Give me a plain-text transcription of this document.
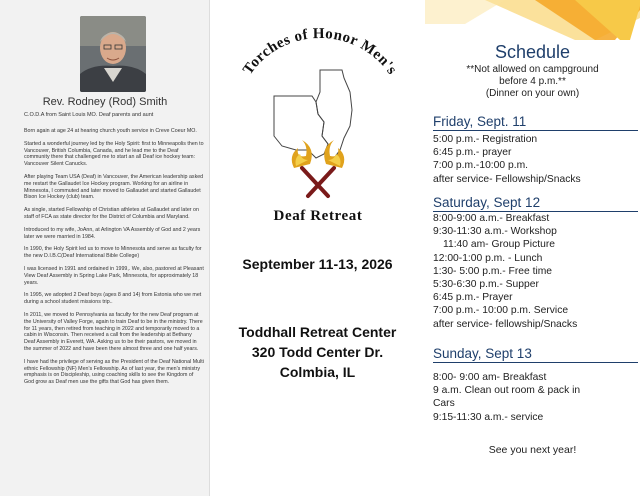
Rev. Rodney (Rod) Smith
C.O.D.A from Saint Louis MO. Deaf parents and aunt

Born again at age 24 at hearing church youth service in Creve Coeur MO.

Started a wonderful journey led by the Holy Spirit: first to Minneapolis then to Vancouver, British Columbia, Canada, and he lead me to the Deaf community there that challenged me to start an all Deaf ice hockey team: Vancouver Silent Canucks.

After playing Team USA (Deaf) in Vancouver, the American leadership asked me restart the Gallaudet Ice Hockey program. Working for an airline in Minnesota, I commuted and later moved to Gallaudet and started Gallaudet Bison Ice Hockey (club) team.

As single, started Fellowship of Christian athletes at Gallaudet and later on staff of FCA as state director for the District of Columbia and Maryland.

Introduced to my wife, JoAnn, at Arlington VA Assembly of God and 2 years later we were married in 1984.

In 1990, the Holy Spirit led us to move to Minnesota and serve as faculty for the new D.I.B.C(Deaf International Bible College)

I was licensed in 1991 and ordained in 1999,. We, also, pastored at Pleasant View Deaf Assembly in Spring Lake Park, Minnesota, for approximately 18 years.

In 1995, we adopted 2 Deaf boys (ages 8 and 14) from Estonia who we met during a school student missions trip..

In 2011, we moved to Pennsylvania as faculty for the new Deaf program at the University of Valley Forge, again to train Deaf to be in the ministry. There for 11 years, then retired from teaching in 2022 and temporarily moved to a cabin in Wisconsin. Then received a call from the leadership at Bethany Deaf Assembly in Everett, WA. Asking us to be their pastors, we moved in the summer of 2022 and have been there almost three and one half years.

I have had the privilege of serving as the President of the Deaf National Multi ethnic Fellowship (NF) Men's Fellowship. As of last year, the men's ministry emphasis is on Discipleship, using coaching skills to see the Kingdom of God grow as Deaf men use the gifts that God has given them.

Torches of Honor Men's
Deaf Retreat
September 11-13, 2026
Toddhall Retreat Center
320 Todd Center Dr.
Colmbia, IL
Schedule
**Not allowed on campground
before 4 p.m.**
(Dinner on your own)
Friday, Sept. 11
5:00 p.m.- Registration
6:45 p.m.- prayer
7:00 p.m.-10:00 p.m.
after service- Fellowship/Snacks
Saturday, Sept 12
8:00-9:00 a.m.- Breakfast
9:30-11:30 a.m.- Workshop
11:40 am- Group Picture
12:00-1:00 p.m. - Lunch
1:30- 5:00 p.m.- Free time
5:30-6:30 p.m.- Supper
6:45 p.m.- Prayer
7:00 p.m.- 10:00 p.m. Service
after service- fellowship/Snacks
Sunday, Sept 13
8:00- 9:00 am- Breakfast
9 a.m. Clean out room & pack in
Cars
9:15-11:30 a.m.- service
See you next year!
